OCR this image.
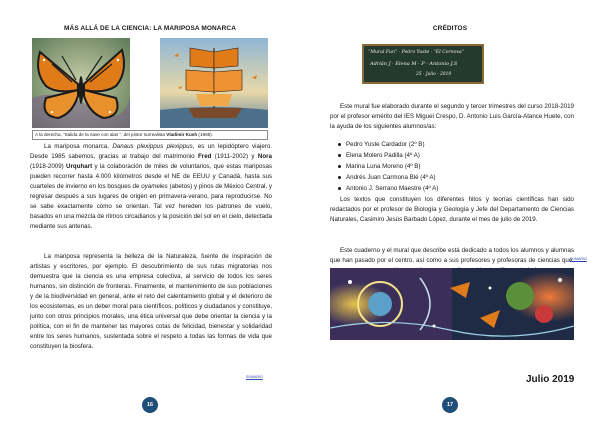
MÁS ALLÁ DE LA CIENCIA: LA MARIPOSA MONARCA
A la derecha, “Salida de la nave con alas ”, del pintor surrealista Vladimir Kush (1965).

La mariposa monarca, Danaus plexippus plexippus, es un lepidóptero viajero. Desde 1985 sabemos, gracias al trabajo del matrimonio Fred (1911-2002) y Nora (1918-2009) Urquhart y la colaboración de miles de voluntarios, que estas mariposas pueden recorrer hasta 4.000 kilómetros desde el NE de EEUU y Canadá, hasta sus cuarteles de invierno en los bosques de oyameles (abetos) y pinos de México Central, y regresar después a sus lugares de origen en primavera-verano, para reproducirse. No se sabe exactamente cómo se orientan. Tal vez hereden los patrones de vuelo, basados en una mezcla de ritmos circadianos y la posición del sol en el cielo, detectada mediante sus antenas.

La mariposa representa la belleza de la Naturaleza, fuente de inspiración de artistas y escritores, por ejemplo. El descubrimiento de sus rutas migratorias nos demuestra que la ciencia es una empresa colectiva, al servicio de todos los seres humanos, sin distinción de fronteras. Finalmente, el mantenimiento de sus poblaciones y de la biodiversidad en general, ante el reto del calentamiento global y el deterioro de los ecosistemas, es un deber moral para científicos, políticos y ciudadanos y constituye, junto con otros principios morales, una ética universal que debe orientar la ciencia y la política, con el fin de mantener las mayores cotas de felicidad, bienestar y solidaridad entre los seres humanos, sustentada sobre el respeto a todas las formas de vida que constituyen la biosfera.

SUMARIO
16
CRÉDITOS
“Mural Fun” · Pedro Yuste · “El Cornova”
Adrián J · Elena M · P · Antonio J.S
25 · Julio · 2019

Este mural fue elaborado durante el segundo y tercer trimestres del curso 2018-2019 por el profesor emérito del IES Miguel Crespo, D. Antonio Luis García-Atance Huete, con la ayuda de los siguientes alumnos/as:

Pedro Yuste Cardador (2º B)
Elena Molero Padilla (4º A)
Marina Luna Moreno (4º B)
Andrés Juan Carmona Blé (4º A)
Antonio J. Serrano Maestre (4º A)

Los textos que constituyen los diferentes hitos y teorías científicas han sido redactados por el profesor de Biología y Geología y Jefe del Departamento de Ciencias Naturales, Casimiro Jesús Barbado López, durante el mes de julio de 2019.

Este cuaderno y el mural que describe está dedicado a todos los alumnos y alumnas que han pasado por el centro, así como a sus profesores y profesoras de ciencias que,

SUMARIO
Julio 2019
17
